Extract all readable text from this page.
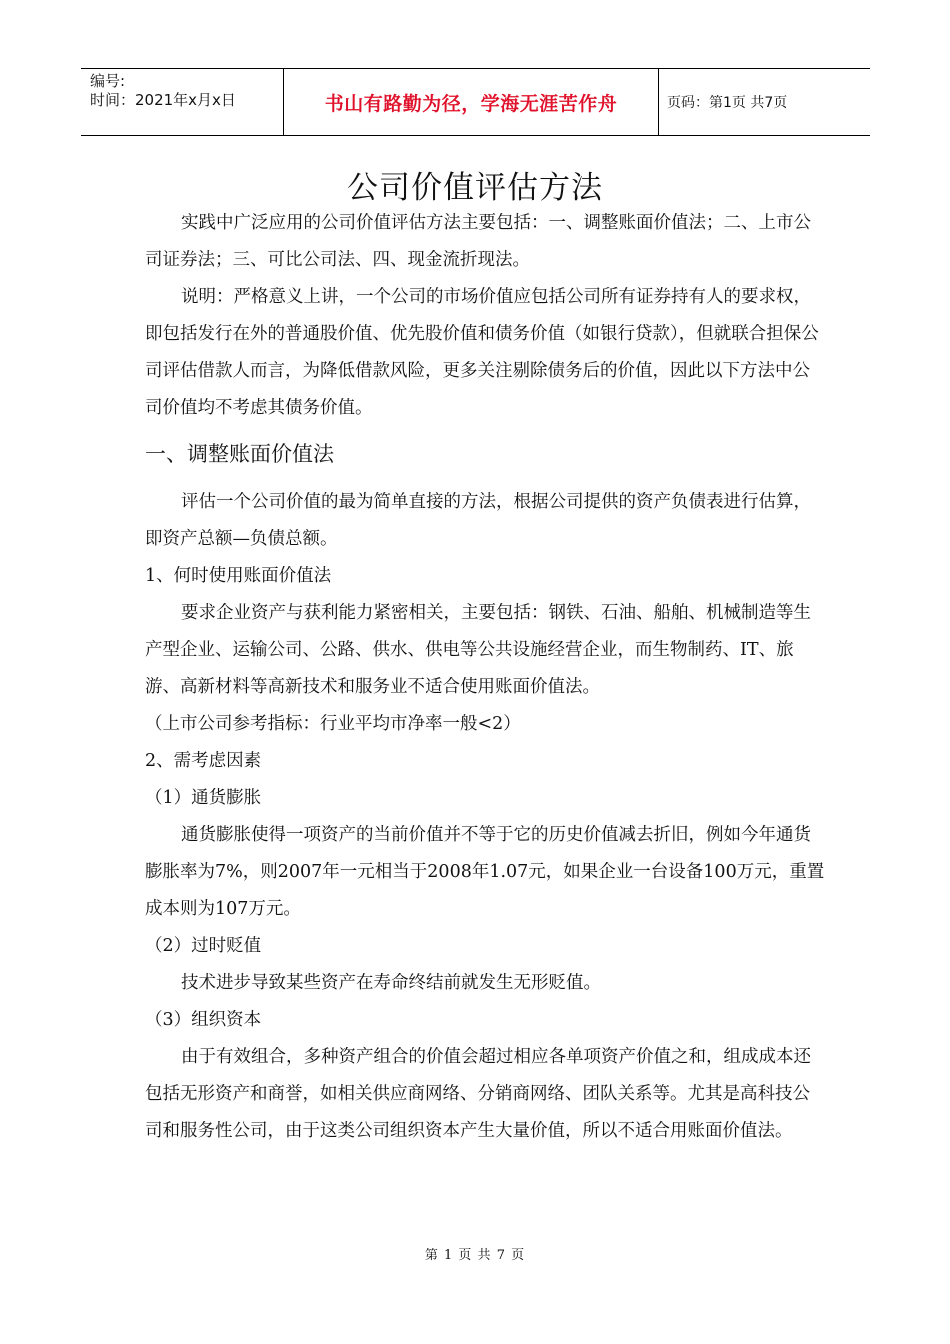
编号:
时间：2021年x月x日	书山有路勤为径，学海无涯苦作舟	页码：第1页 共7页
公司价值评估方法

实践中广泛应用的公司价值评估方法主要包括：一、调整账面价值法；二、上市公司证券法；三、可比公司法、四、现金流折现法。

说明：严格意义上讲，一个公司的市场价值应包括公司所有证券持有人的要求权，即包括发行在外的普通股价值、优先股价值和债务价值（如银行贷款），但就联合担保公司评估借款人而言，为降低借款风险，更多关注剔除债务后的价值，因此以下方法中公司价值均不考虑其债务价值。

一、调整账面价值法

评估一个公司价值的最为简单直接的方法，根据公司提供的资产负债表进行估算，即资产总额—负债总额。

1、何时使用账面价值法

要求企业资产与获利能力紧密相关，主要包括：钢铁、石油、船舶、机械制造等生产型企业、运输公司、公路、供水、供电等公共设施经营企业，而生物制药、IT、旅游、高新材料等高新技术和服务业不适合使用账面价值法。

（上市公司参考指标：行业平均市净率一般<2）

2、需考虑因素

（1）通货膨胀

通货膨胀使得一项资产的当前价值并不等于它的历史价值减去折旧，例如今年通货膨胀率为7%，则2007年一元相当于2008年1.07元，如果企业一台设备100万元，重置成本则为107万元。

（2）过时贬值

技术进步导致某些资产在寿命终结前就发生无形贬值。

（3）组织资本

由于有效组合，多种资产组合的价值会超过相应各单项资产价值之和，组成成本还包括无形资产和商誉，如相关供应商网络、分销商网络、团队关系等。尤其是高科技公司和服务性公司，由于这类公司组织资本产生大量价值，所以不适合用账面价值法。

第 1 页 共 7 页
